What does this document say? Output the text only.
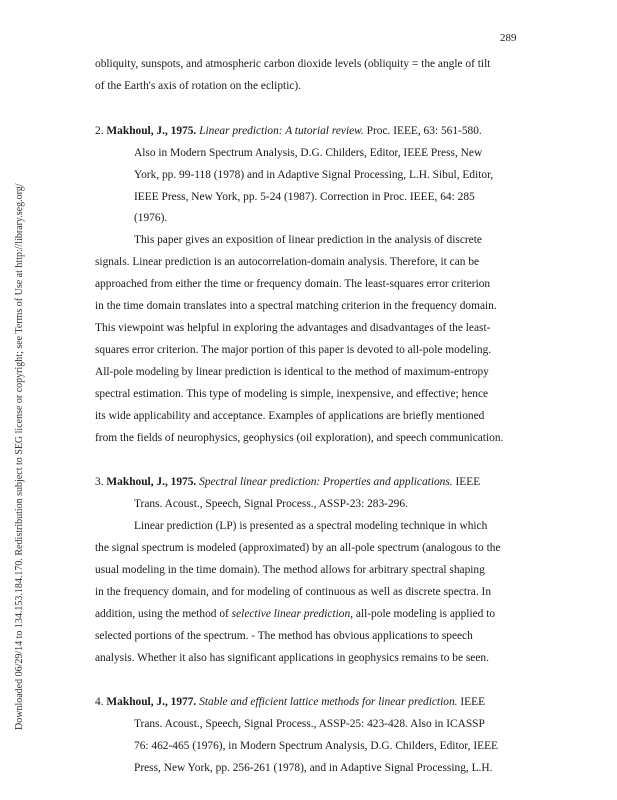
289
Downloaded 06/29/14 to 134.153.184.170. Redistribution subject to SEG license or copyright; see Terms of Use at http://library.seg.org/
obliquity, sunspots, and atmospheric carbon dioxide levels (obliquity = the angle of tilt
of the Earth's axis of rotation on the ecliptic).
2. Makhoul, J., 1975. Linear prediction: A tutorial review. Proc. IEEE, 63: 561-580.
Also in Modern Spectrum Analysis, D.G. Childers, Editor, IEEE Press, New
York, pp. 99-118 (1978) and in Adaptive Signal Processing, L.H. Sibul, Editor,
IEEE Press, New York, pp. 5-24 (1987). Correction in Proc. IEEE, 64: 285
(1976).
This paper gives an exposition of linear prediction in the analysis of discrete
signals. Linear prediction is an autocorrelation-domain analysis. Therefore, it can be
approached from either the time or frequency domain. The least-squares error criterion
in the time domain translates into a spectral matching criterion in the frequency domain.
This viewpoint was helpful in exploring the advantages and disadvantages of the least-
squares error criterion. The major portion of this paper is devoted to all-pole modeling.
All-pole modeling by linear prediction is identical to the method of maximum-entropy
spectral estimation. This type of modeling is simple, inexpensive, and effective; hence
its wide applicability and acceptance. Examples of applications are briefly mentioned
from the fields of neurophysics, geophysics (oil exploration), and speech communication.
3. Makhoul, J., 1975. Spectral linear prediction: Properties and applications. IEEE
Trans. Acoust., Speech, Signal Process., ASSP-23: 283-296.
Linear prediction (LP) is presented as a spectral modeling technique in which
the signal spectrum is modeled (approximated) by an all-pole spectrum (analogous to the
usual modeling in the time domain). The method allows for arbitrary spectral shaping
in the frequency domain, and for modeling of continuous as well as discrete spectra. In
addition, using the method of selective linear prediction, all-pole modeling is applied to
selected portions of the spectrum. - The method has obvious applications to speech
analysis. Whether it also has significant applications in geophysics remains to be seen.
4. Makhoul, J., 1977. Stable and efficient lattice methods for linear prediction. IEEE
Trans. Acoust., Speech, Signal Process., ASSP-25: 423-428. Also in ICASSP
76: 462-465 (1976), in Modern Spectrum Analysis, D.G. Childers, Editor, IEEE
Press, New York, pp. 256-261 (1978), and in Adaptive Signal Processing, L.H.
